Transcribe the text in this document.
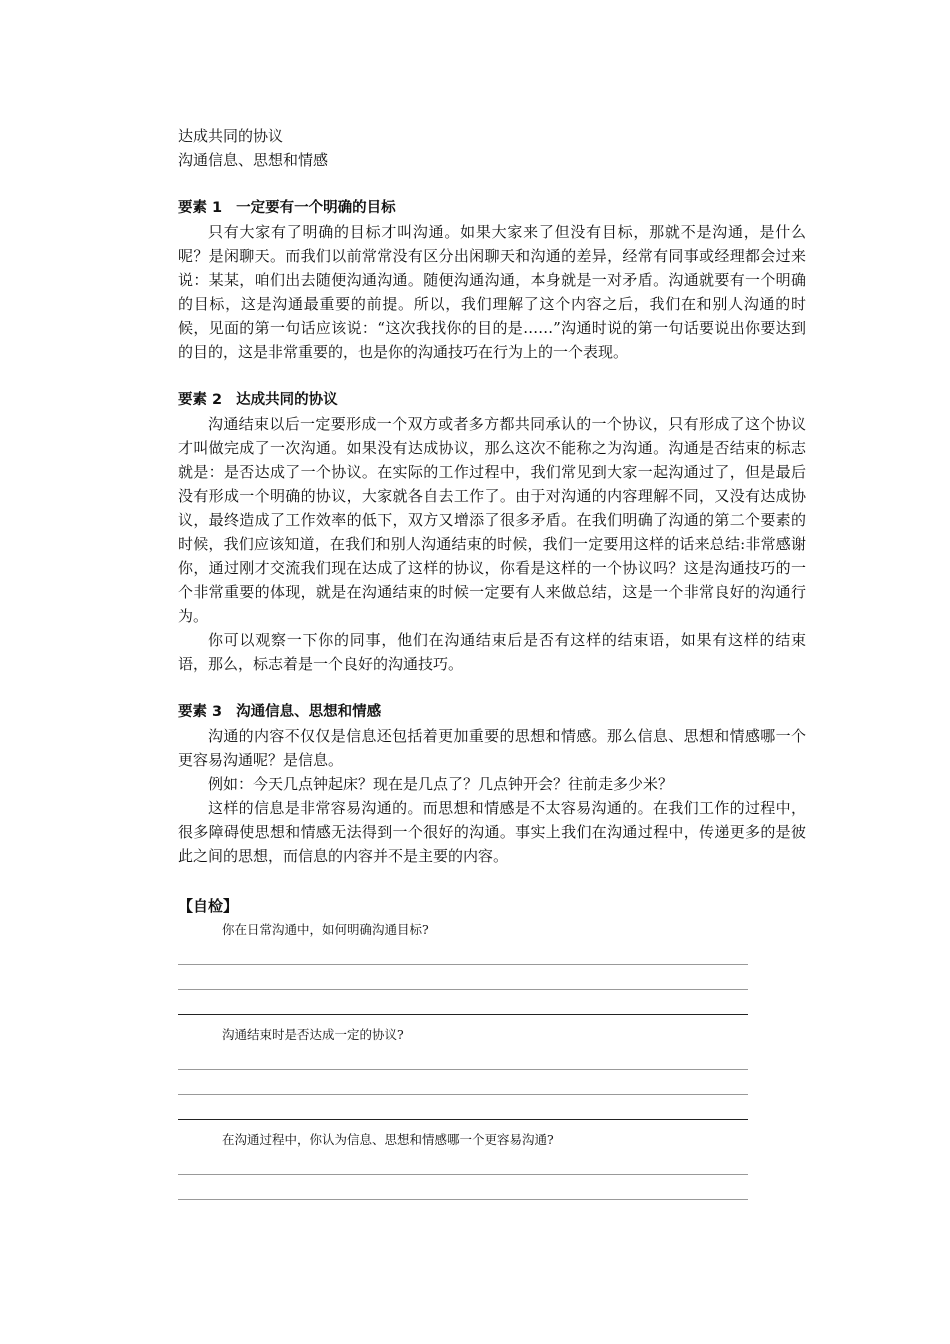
达成共同的协议
沟通信息、思想和情感
要素 1 一定要有一个明确的目标

只有大家有了明确的目标才叫沟通。如果大家来了但没有目标，那就不是沟通，是什么呢？是闲聊天。而我们以前常常没有区分出闲聊天和沟通的差异，经常有同事或经理都会过来说：某某，咱们出去随便沟通沟通。随便沟通沟通，本身就是一对矛盾。沟通就要有一个明确的目标，这是沟通最重要的前提。所以，我们理解了这个内容之后，我们在和别人沟通的时候，见面的第一句话应该说：“这次我找你的目的是……”沟通时说的第一句话要说出你要达到的目的，这是非常重要的，也是你的沟通技巧在行为上的一个表现。

要素 2 达成共同的协议

沟通结束以后一定要形成一个双方或者多方都共同承认的一个协议，只有形成了这个协议才叫做完成了一次沟通。如果没有达成协议，那么这次不能称之为沟通。沟通是否结束的标志就是：是否达成了一个协议。在实际的工作过程中，我们常见到大家一起沟通过了，但是最后没有形成一个明确的协议，大家就各自去工作了。由于对沟通的内容理解不同，又没有达成协议，最终造成了工作效率的低下，双方又增添了很多矛盾。在我们明确了沟通的第二个要素的时候，我们应该知道，在我们和别人沟通结束的时候，我们一定要用这样的话来总结:非常感谢你，通过刚才交流我们现在达成了这样的协议，你看是这样的一个协议吗？这是沟通技巧的一个非常重要的体现，就是在沟通结束的时候一定要有人来做总结，这是一个非常良好的沟通行为。

你可以观察一下你的同事，他们在沟通结束后是否有这样的结束语，如果有这样的结束语，那么，标志着是一个良好的沟通技巧。

要素 3 沟通信息、思想和情感

沟通的内容不仅仅是信息还包括着更加重要的思想和情感。那么信息、思想和情感哪一个更容易沟通呢？是信息。

例如：今天几点钟起床？现在是几点了？几点钟开会？往前走多少米？

这样的信息是非常容易沟通的。而思想和情感是不太容易沟通的。在我们工作的过程中，很多障碍使思想和情感无法得到一个很好的沟通。事实上我们在沟通过程中，传递更多的是彼此之间的思想，而信息的内容并不是主要的内容。

【自检】
你在日常沟通中，如何明确沟通目标?
沟通结束时是否达成一定的协议?
在沟通过程中，你认为信息、思想和情感哪一个更容易沟通?
